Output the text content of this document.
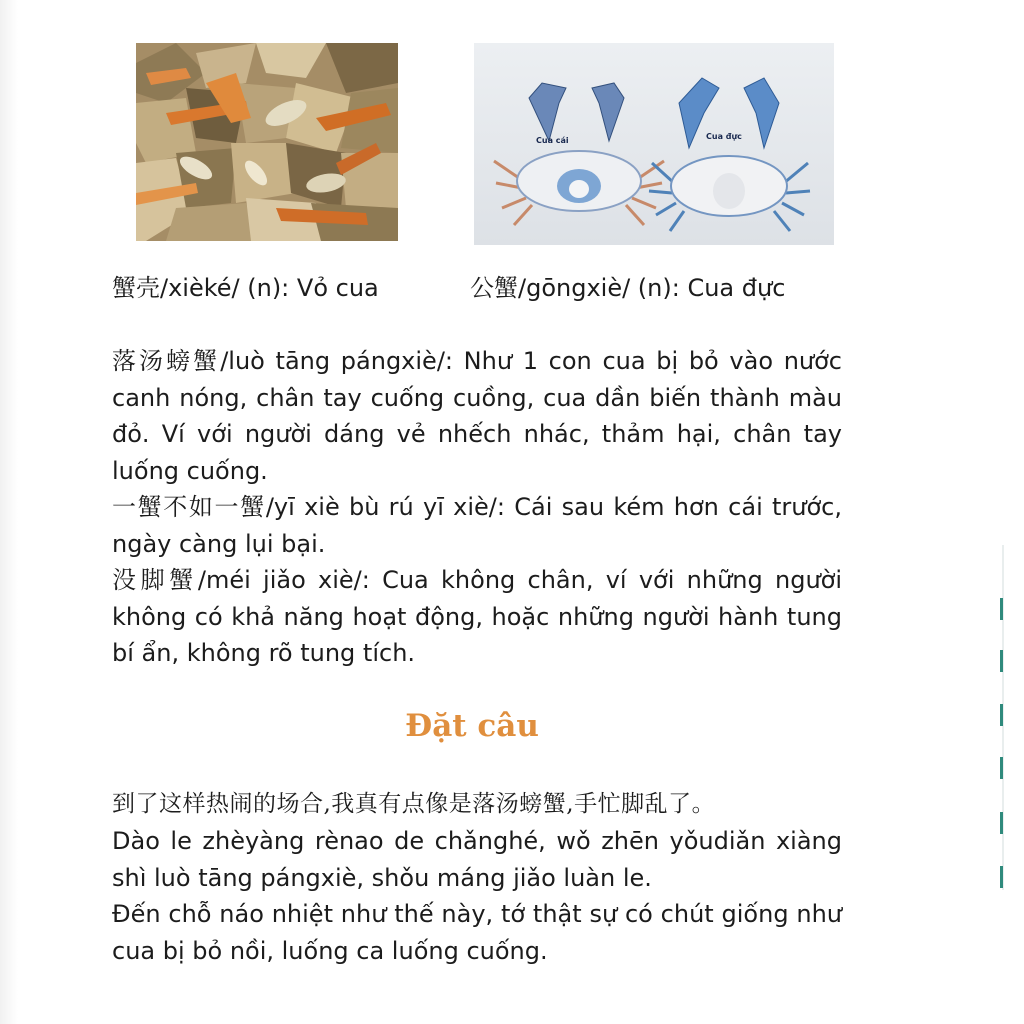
Cua cái	Cua đực
蟹壳/xièké/ (n): Vỏ cua	公蟹/gōngxiè/ (n): Cua đực

落汤螃蟹/luò tāng pángxiè/: Như 1 con cua bị bỏ vào nước canh nóng, chân tay cuống cuồng, cua dần biến thành màu đỏ. Ví với người dáng vẻ nhếch nhác, thảm hại, chân tay luống cuống.

一蟹不如一蟹/yī xiè bù rú yī xiè/: Cái sau kém hơn cái trước, ngày càng lụi bại.

没脚蟹/méi jiǎo xiè/: Cua không chân, ví với những người không có khả năng hoạt động, hoặc những người hành tung bí ẩn, không rõ tung tích.

Đặt câu

到了这样热闹的场合,我真有点像是落汤螃蟹,手忙脚乱了。

Dào le zhèyàng rènao de chǎnghé, wǒ zhēn yǒudiǎn xiàng shì luò tāng pángxiè, shǒu máng jiǎo luàn le.

Đến chỗ náo nhiệt như thế này, tớ thật sự có chút giống như cua bị bỏ nồi, luống ca luống cuống.
